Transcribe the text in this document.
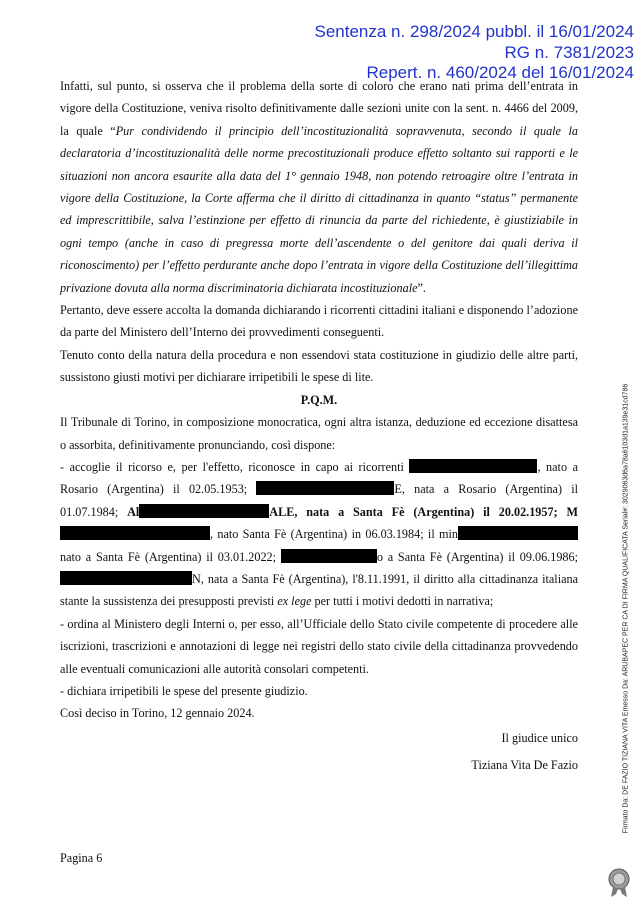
Sentenza n. 298/2024 pubbl. il 16/01/2024
RG n. 7381/2023
Repert. n. 460/2024 del 16/01/2024

Infatti, sul punto, si osserva che il problema della sorte di coloro che erano nati prima dell’entrata in vigore della Costituzione, veniva risolto definitivamente dalle sezioni unite con la sent. n. 4466 del 2009, la quale “Pur condividendo il principio dell’incostituzionalità sopravvenuta, secondo il quale la declaratoria d’incostituzionalità delle norme precostituzionali produce effetto soltanto sui rapporti e le situazioni non ancora esaurite alla data del 1° gennaio 1948, non potendo retroagire oltre l’entrata in vigore della Costituzione, la Corte afferma che il diritto di cittadinanza in quanto “status” permanente ed imprescrittibile, salva l’estinzione per effetto di rinuncia da parte del richiedente, è giustiziabile in ogni tempo (anche in caso di pregressa morte dell’ascendente o del genitore dai quali deriva il riconoscimento) per l’effetto perdurante anche dopo l’entrata in vigore della Costituzione dell’illegittima privazione dovuta alla norma discriminatoria dichiarata incostituzionale”.

Pertanto, deve essere accolta la domanda dichiarando i ricorrenti cittadini italiani e disponendo l’adozione da parte del Ministero dell’Interno dei provvedimenti conseguenti.

Tenuto conto della natura della procedura e non essendovi stata costituzione in giudizio delle altre parti, sussistono giusti motivi per dichiarare irripetibili le spese di lite.

P.Q.M.

Il Tribunale di Torino, in composizione monocratica, ogni altra istanza, deduzione ed eccezione disattesa o assorbita, definitivamente pronunciando, così dispone:

- accoglie il ricorso e, per l'effetto, riconosce in capo ai ricorrenti	, nato a Rosario (Argentina) il 02.05.1953;	E, nata a Rosario (Argentina) il 01.07.1984; Al	ALE, nata a Santa Fè (Argentina) il 20.02.1957; M, nato Santa Fè (Argentina) in 06.03.1984; il min nato a Santa Fè (Argentina) il 03.01.2022;	o a Santa Fè (Argentina) il 09.06.1986; N, nata a Santa Fè (Argentina), l'8.11.1991, il diritto alla cittadinanza italiana stante la sussistenza dei presupposti previsti ex lege per tutti i motivi dedotti in narrativa;

- ordina al Ministero degli Interni o, per esso, all’Ufficiale dello Stato civile competente di procedere alle iscrizioni, trascrizioni e annotazioni di legge nei registri dello stato civile della cittadinanza provvedendo alle eventuali comunicazioni alle autorità consolari competenti.

- dichiara irripetibili le spese del presente giudizio.

Così deciso in Torino, 12 gennaio 2024.

Il giudice unico

Tiziana Vita De Fazio

Pagina 6
Firmato Da: DE FAZIO TIZIANA VITA Emesso Da: ARUBAPEC PER CA DI FIRMA QUALIFICATA Serial#: 3029063d6a78a6103d1a139e31cd786
